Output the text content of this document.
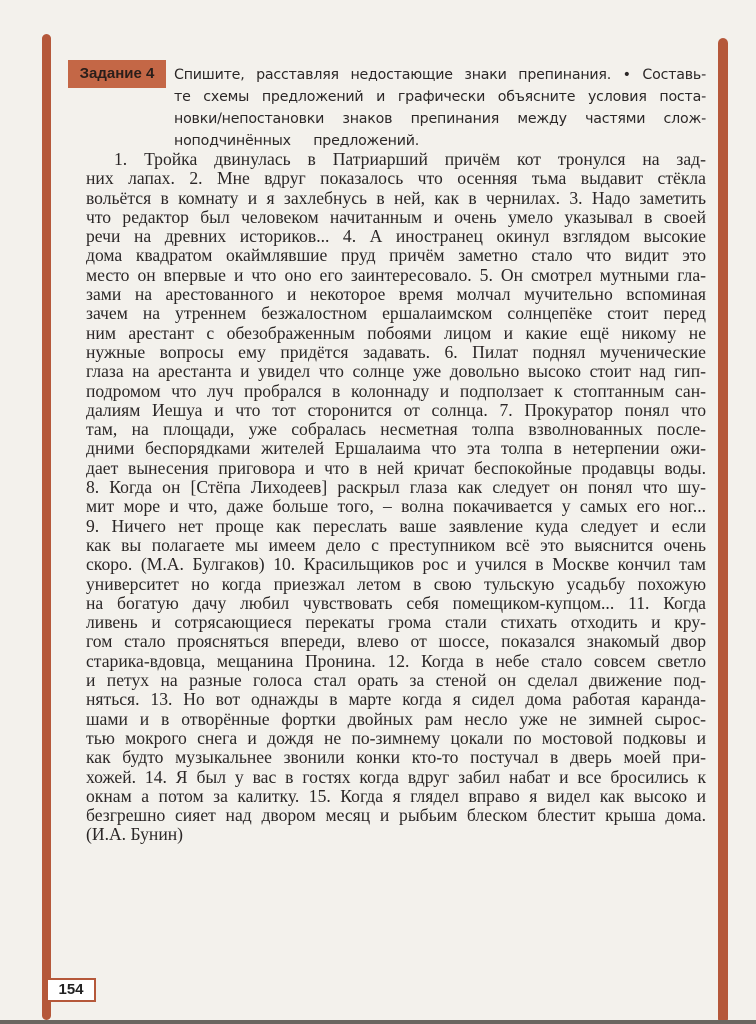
Задание 4	Спишите, расставляя недостающие знаки препинания. • Составь-
те схемы предложений и графически объясните условия поста-
новки/непостановки знаков препинания между частями слож-
ноподчинённых предложений.
1. Тройка двинулась в Патриарший причём кот тронулся на зад-
них лапах. 2. Мне вдруг показалось что осенняя тьма выдавит стёкла
вольётся в комнату и я захлебнусь в ней, как в чернилах. 3. Надо заметить
что редактор был человеком начитанным и очень умело указывал в своей
речи на древних историков... 4. А иностранец окинул взглядом высокие
дома квадратом окаймлявшие пруд причём заметно стало что видит это
место он впервые и что оно его заинтересовало. 5. Он смотрел мутными гла-
зами на арестованного и некоторое время молчал мучительно вспоминая
зачем на утреннем безжалостном ершалаимском солнцепёке стоит перед
ним арестант с обезображенным побоями лицом и какие ещё никому не
нужные вопросы ему придётся задавать. 6. Пилат поднял мученические
глаза на арестанта и увидел что солнце уже довольно высоко стоит над гип-
подромом что луч пробрался в колоннаду и подползает к стоптанным сан-
далиям Иешуа и что тот сторонится от солнца. 7. Прокуратор понял что
там, на площади, уже собралась несметная толпа взволнованных после-
дними беспорядками жителей Ершалаима что эта толпа в нетерпении ожи-
дает вынесения приговора и что в ней кричат беспокойные продавцы воды.
8. Когда он [Стёпа Лиходеев] раскрыл глаза как следует он понял что шу-
мит море и что, даже больше того, – волна покачивается у самых его ног...
9. Ничего нет проще как переслать ваше заявление куда следует и если
как вы полагаете мы имеем дело с преступником всё это выяснится очень
скоро. (М.А. Булгаков) 10. Красильщиков рос и учился в Москве кончил там
университет но когда приезжал летом в свою тульскую усадьбу похожую
на богатую дачу любил чувствовать себя помещиком-купцом... 11. Когда
ливень и сотрясающиеся перекаты грома стали стихать отходить и кру-
гом стало проясняться впереди, влево от шоссе, показался знакомый двор
старика-вдовца, мещанина Пронина. 12. Когда в небе стало совсем светло
и петух на разные голоса стал орать за стеной он сделал движение под-
няться. 13. Но вот однажды в марте когда я сидел дома работая каранда-
шами и в отворённые фортки двойных рам несло уже не зимней сырос-
тью мокрого снега и дождя не по-зимнему цокали по мостовой подковы и
как будто музыкальнее звонили конки кто-то постучал в дверь моей при-
хожей. 14. Я был у вас в гостях когда вдруг забил набат и все бросились к
окнам а потом за калитку. 15. Когда я глядел вправо я видел как высоко и
безгрешно сияет над двором месяц и рыбьим блеском блестит крыша дома.
(И.А. Бунин)
154
